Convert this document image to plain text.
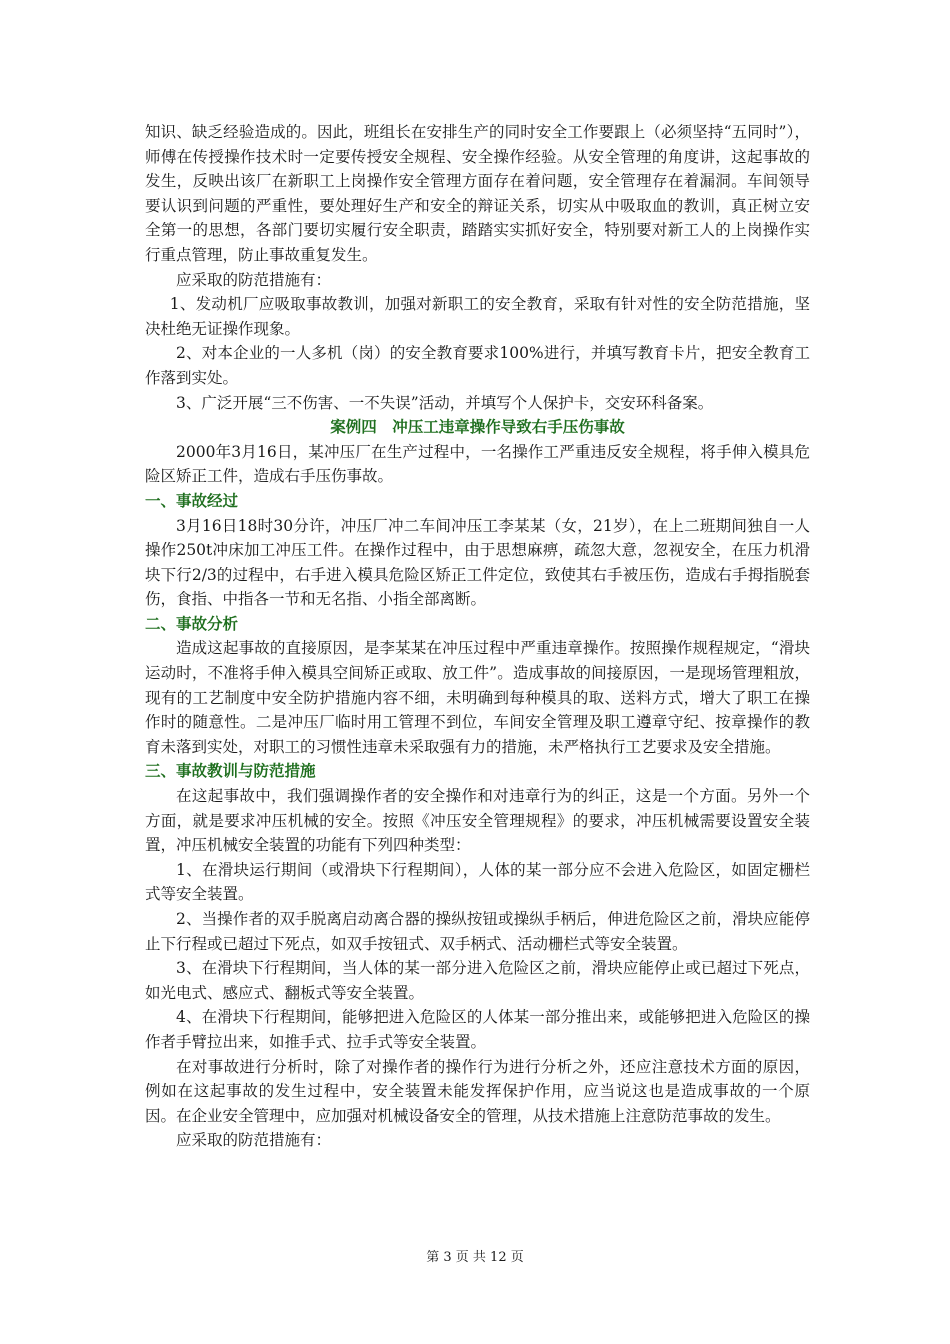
知识、缺乏经验造成的。因此，班组长在安排生产的同时安全工作要跟上（必须坚持“五同时”），师傅在传授操作技术时一定要传授安全规程、安全操作经验。从安全管理的角度讲，这起事故的发生，反映出该厂在新职工上岗操作安全管理方面存在着问题，安全管理存在着漏洞。车间领导要认识到问题的严重性，要处理好生产和安全的辩证关系，切实从中吸取血的教训，真正树立安全第一的思想，各部门要切实履行安全职责，踏踏实实抓好安全，特别要对新工人的上岗操作实行重点管理，防止事故重复发生。

应采取的防范措施有：

1、发动机厂应吸取事故教训，加强对新职工的安全教育，采取有针对性的安全防范措施，坚决杜绝无证操作现象。

2、对本企业的一人多机（岗）的安全教育要求100%进行，并填写教育卡片，把安全教育工作落到实处。

3、广泛开展“三不伤害、一不失误”活动，并填写个人保护卡，交安环科备案。

案例四　冲压工违章操作导致右手压伤事故

2000年3月16日，某冲压厂在生产过程中，一名操作工严重违反安全规程，将手伸入模具危险区矫正工件，造成右手压伤事故。

一、事故经过

3月16日18时30分许，冲压厂冲二车间冲压工李某某（女，21岁），在上二班期间独自一人操作250t冲床加工冲压工件。在操作过程中，由于思想麻痹，疏忽大意，忽视安全，在压力机滑块下行2/3的过程中，右手进入模具危险区矫正工件定位，致使其右手被压伤，造成右手拇指脱套伤，食指、中指各一节和无名指、小指全部离断。

二、事故分析

造成这起事故的直接原因，是李某某在冲压过程中严重违章操作。按照操作规程规定，“滑块运动时，不准将手伸入模具空间矫正或取、放工件”。造成事故的间接原因，一是现场管理粗放，现有的工艺制度中安全防护措施内容不细，未明确到每种模具的取、送料方式，增大了职工在操作时的随意性。二是冲压厂临时用工管理不到位，车间安全管理及职工遵章守纪、按章操作的教育未落到实处，对职工的习惯性违章未采取强有力的措施，未严格执行工艺要求及安全措施。

三、事故教训与防范措施

在这起事故中，我们强调操作者的安全操作和对违章行为的纠正，这是一个方面。另外一个方面，就是要求冲压机械的安全。按照《冲压安全管理规程》的要求，冲压机械需要设置安全装置，冲压机械安全装置的功能有下列四种类型：

1、在滑块运行期间（或滑块下行程期间），人体的某一部分应不会进入危险区，如固定栅栏式等安全装置。

2、当操作者的双手脱离启动离合器的操纵按钮或操纵手柄后，伸进危险区之前，滑块应能停止下行程或已超过下死点，如双手按钮式、双手柄式、活动栅栏式等安全装置。

3、在滑块下行程期间，当人体的某一部分进入危险区之前，滑块应能停止或已超过下死点，如光电式、感应式、翻板式等安全装置。

4、在滑块下行程期间，能够把进入危险区的人体某一部分推出来，或能够把进入危险区的操作者手臂拉出来，如推手式、拉手式等安全装置。

在对事故进行分析时，除了对操作者的操作行为进行分析之外，还应注意技术方面的原因，例如在这起事故的发生过程中，安全装置未能发挥保护作用，应当说这也是造成事故的一个原因。在企业安全管理中，应加强对机械设备安全的管理，从技术措施上注意防范事故的发生。

应采取的防范措施有：

第 3 页 共 12 页
